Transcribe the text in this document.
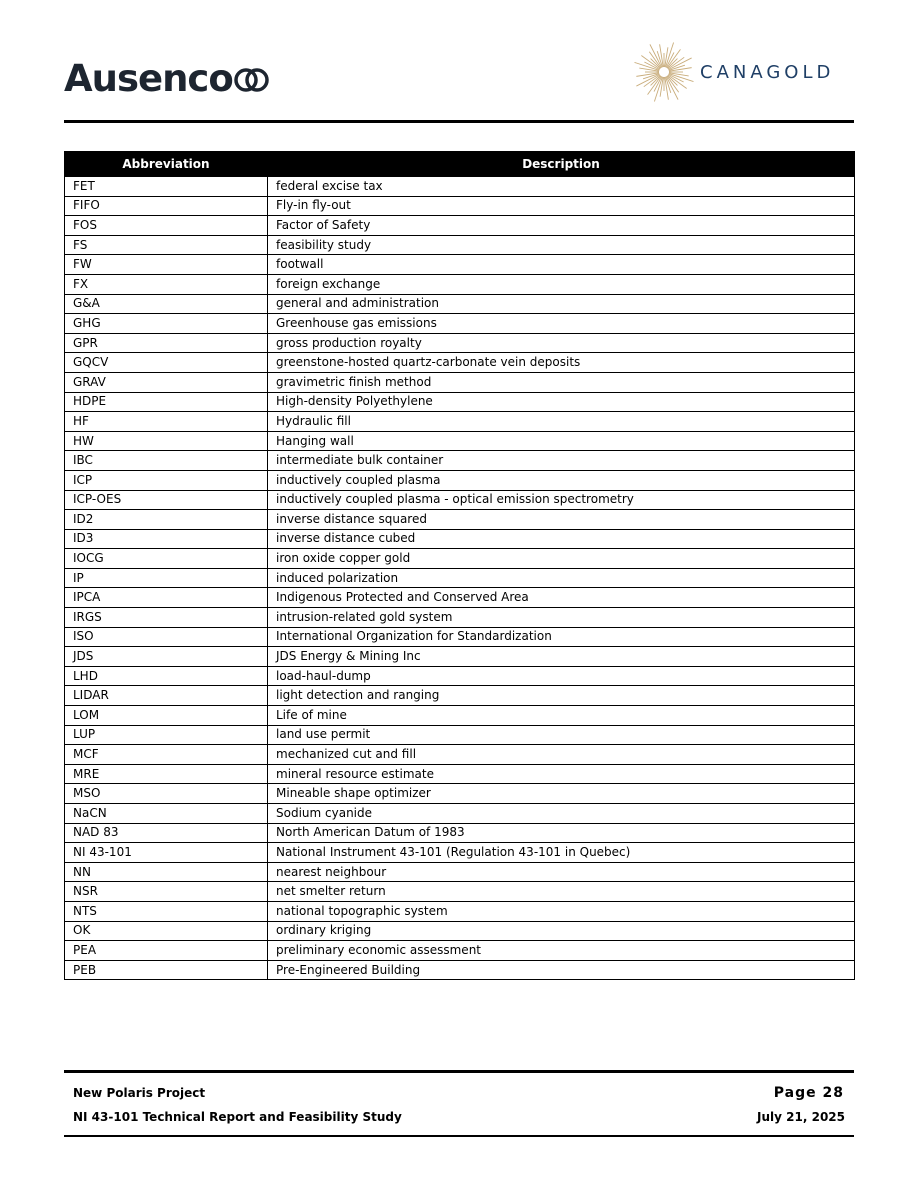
Ausenco	CANAGOLD
Abbreviation	Description
FET	federal excise tax
FIFO	Fly-in fly-out
FOS	Factor of Safety
FS	feasibility study
FW	footwall
FX	foreign exchange
G&A	general and administration
GHG	Greenhouse gas emissions
GPR	gross production royalty
GQCV	greenstone-hosted quartz-carbonate vein deposits
GRAV	gravimetric finish method
HDPE	High-density Polyethylene
HF	Hydraulic fill
HW	Hanging wall
IBC	intermediate bulk container
ICP	inductively coupled plasma
ICP-OES	inductively coupled plasma - optical emission spectrometry
ID2	inverse distance squared
ID3	inverse distance cubed
IOCG	iron oxide copper gold
IP	induced polarization
IPCA	Indigenous Protected and Conserved Area
IRGS	intrusion-related gold system
ISO	International Organization for Standardization
JDS	JDS Energy & Mining Inc
LHD	load-haul-dump
LIDAR	light detection and ranging
LOM	Life of mine
LUP	land use permit
MCF	mechanized cut and fill
MRE	mineral resource estimate
MSO	Mineable shape optimizer
NaCN	Sodium cyanide
NAD 83	North American Datum of 1983
NI 43-101	National Instrument 43-101 (Regulation 43-101 in Quebec)
NN	nearest neighbour
NSR	net smelter return
NTS	national topographic system
OK	ordinary kriging
PEA	preliminary economic assessment
PEB	Pre-Engineered Building
New Polaris Project
NI 43-101 Technical Report and Feasibility Study
Page 28
July 21, 2025
